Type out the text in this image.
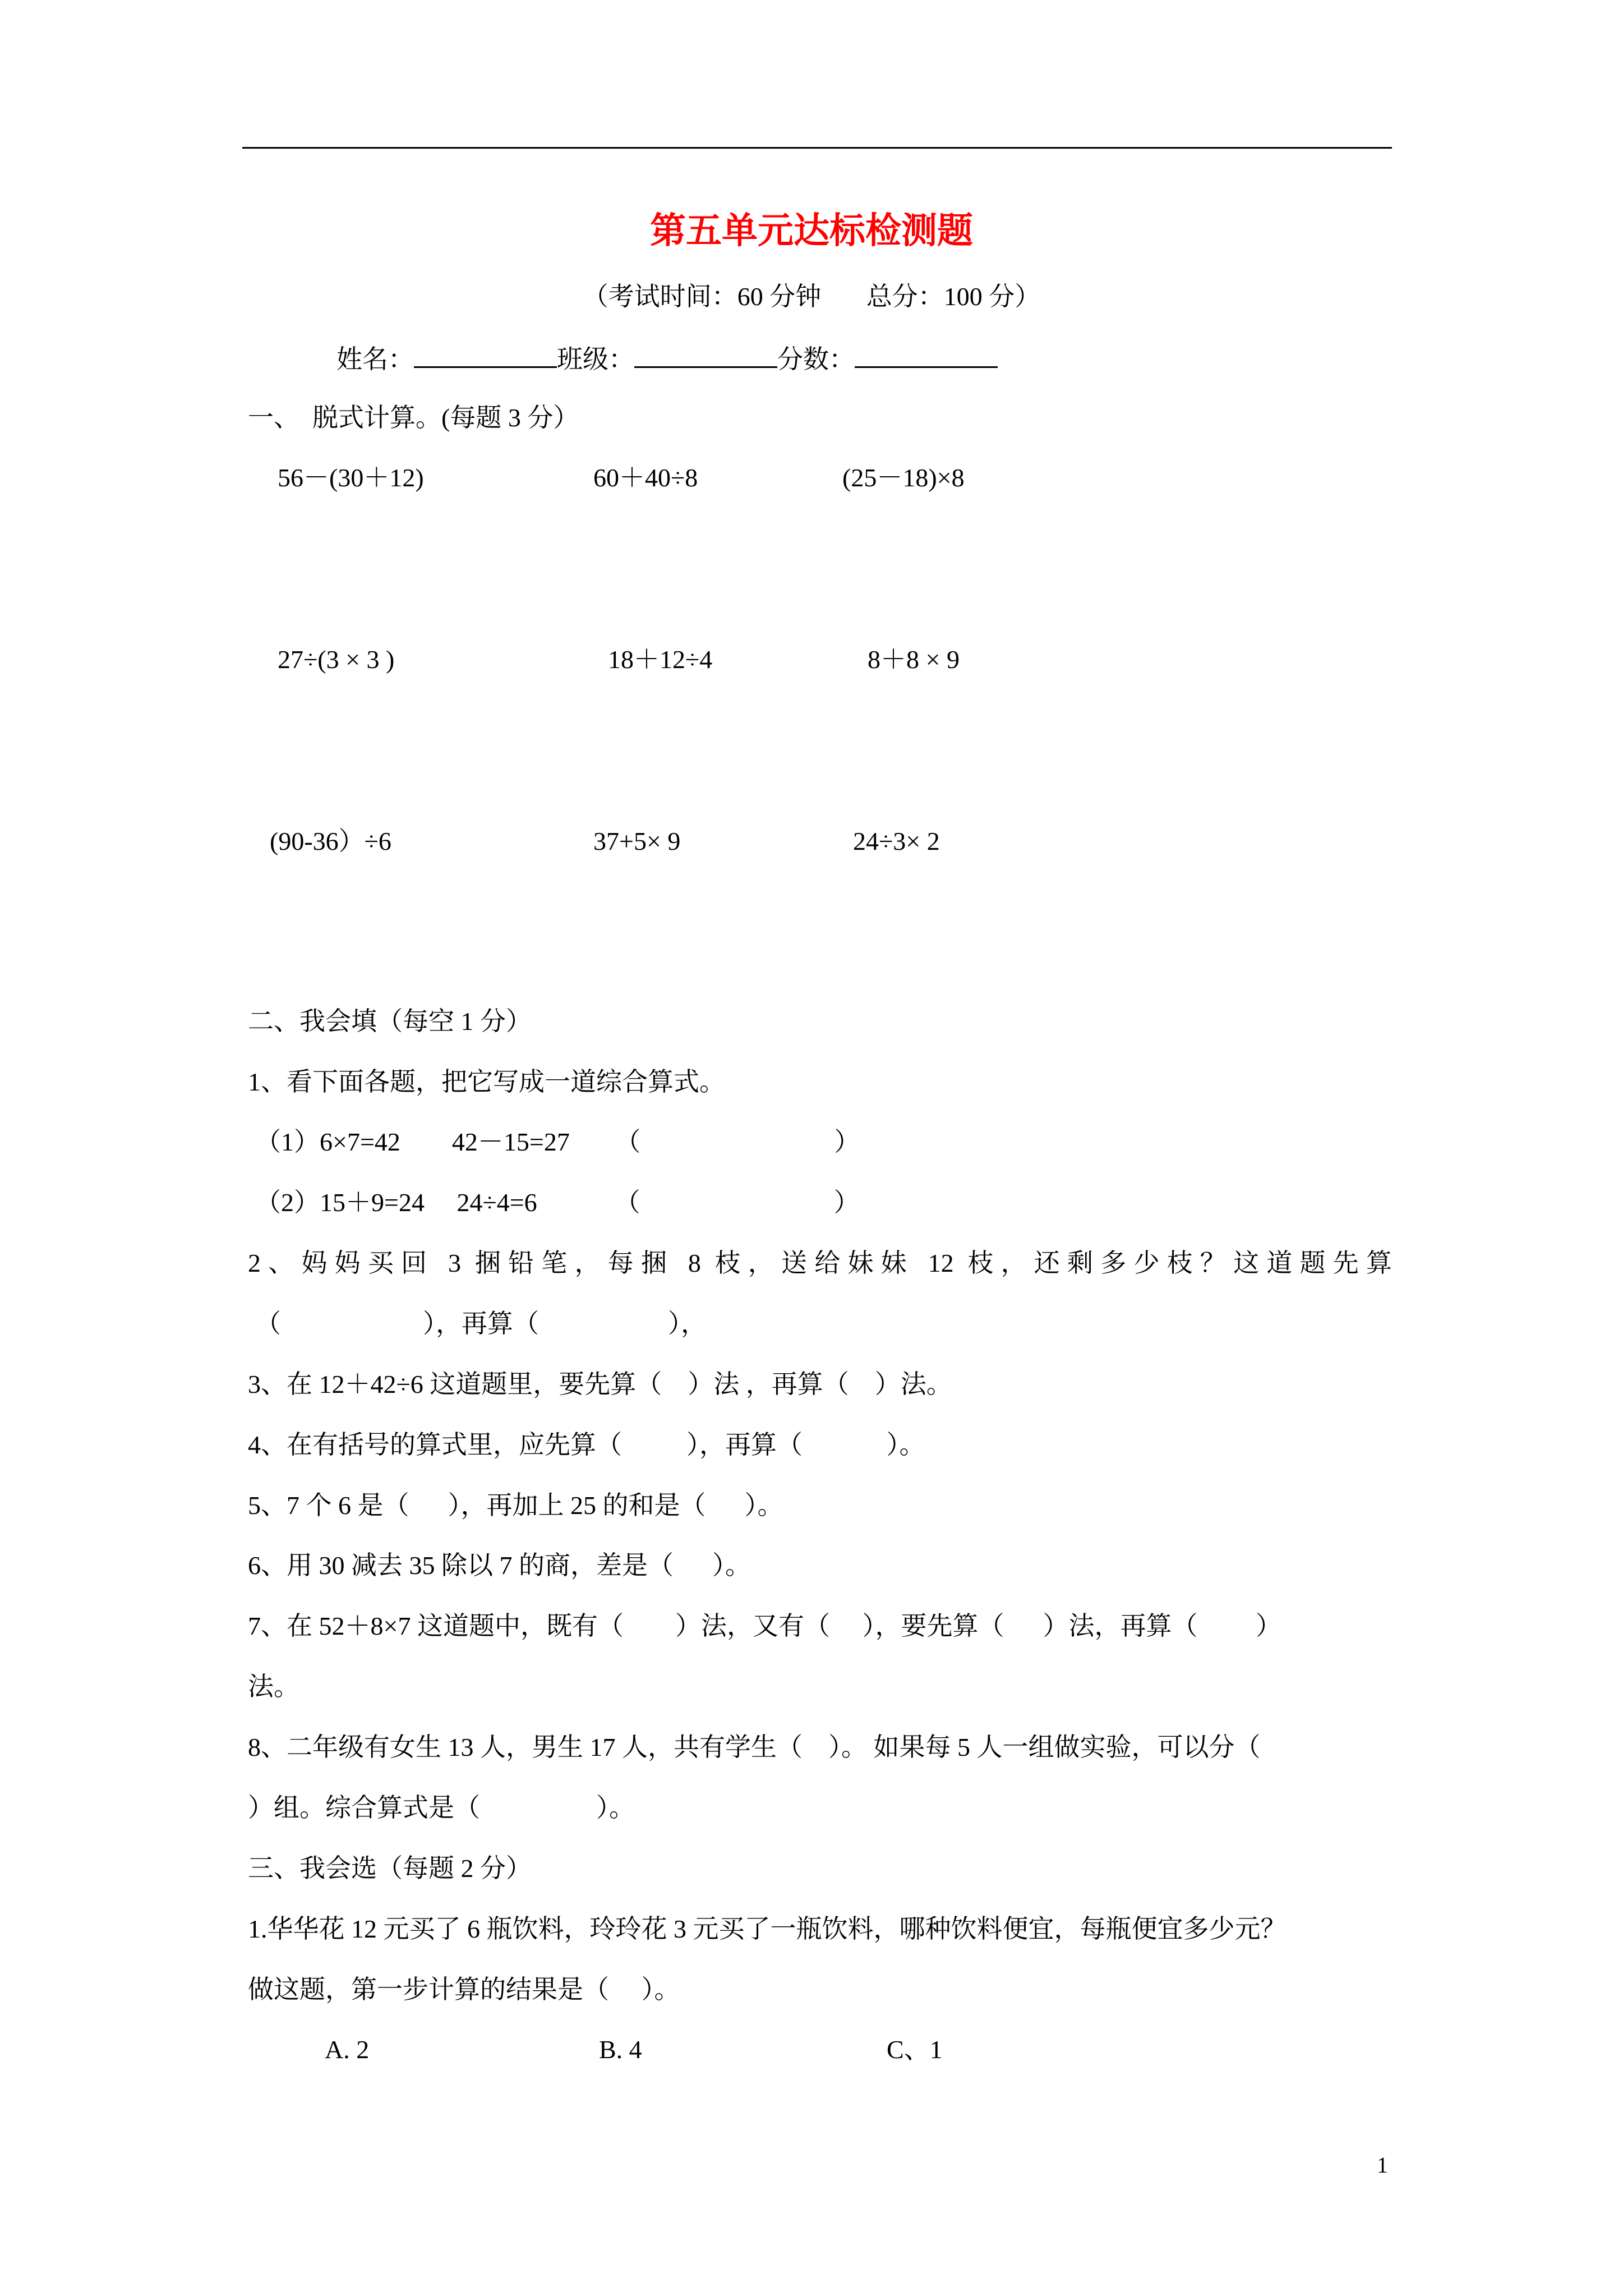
第五单元达标检测题
（考试时间：60 分钟       总分：100 分）
姓名：	班级：	分数：
一、  脱式计算。(每题 3 分）
56－(30＋12)	60＋40÷8	(25－18)×8
27÷(3 × 3 )	18＋12÷4	8＋8 × 9
(90-36）÷6	37+5× 9	24÷3× 2
二、我会填（每空 1 分）
1、看下面各题，把它写成一道综合算式。
（1）6×7=42        42－15=27       （                              ）
（2）15＋9=24     24÷4=6            （                              ）
2、妈妈买回 3 捆铅笔，每捆 8 枝，送给妹妹 12 枝，还剩多少枝？这道题先算
（                      ），再算（                    ），
3、在 12＋42÷6 这道题里，要先算（    ）法 ，再算（    ）法。
4、在有括号的算式里，应先算（          ），再算（             ）。
5、7 个 6 是（      ），再加上 25 的和是（      ）。
6、用 30 减去 35 除以 7 的商，差是（      ）。
7、在 52＋8×7 这道题中，既有（        ）法，又有（     ），要先算（      ）法，再算（         ）
法。
8、二年级有女生 13 人，男生 17 人，共有学生（    ）。 如果每 5 人一组做实验，可以分（
）组。综合算式是（                  ）。
三、我会选（每题 2 分）
1.华华花 12 元买了 6 瓶饮料，玲玲花 3 元买了一瓶饮料，哪种饮料便宜，每瓶便宜多少元？
做这题，第一步计算的结果是（     ）。
A. 2	B. 4	C、1
1
